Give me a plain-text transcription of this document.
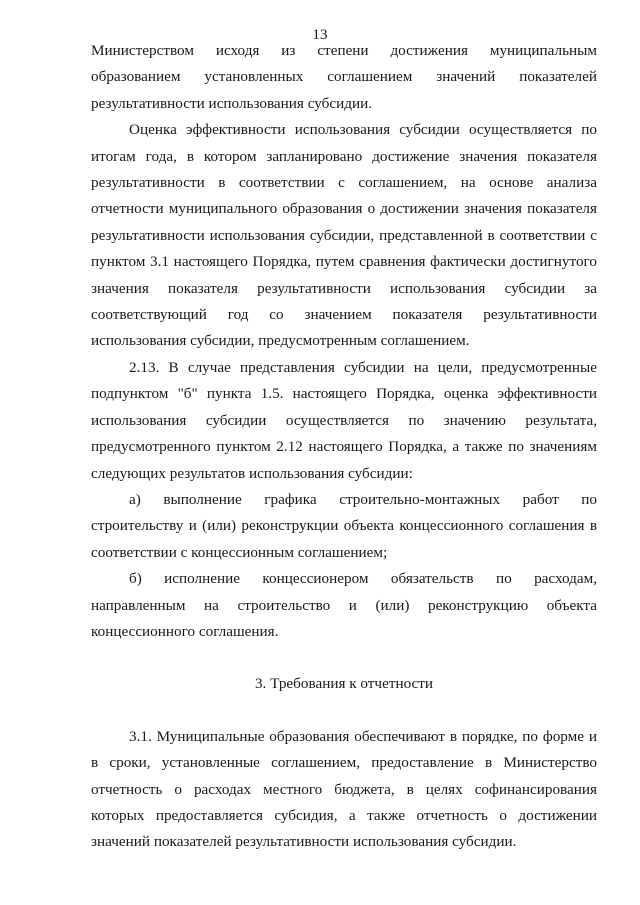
13

Министерством исходя из степени достижения муниципальным образованием установленных соглашением значений показателей результативности использования субсидии.

Оценка эффективности использования субсидии осуществляется по итогам года, в котором запланировано достижение значения показателя результативности в соответствии с соглашением, на основе анализа отчетности муниципального образования о достижении значения показателя результативности использования субсидии, представленной в соответствии с пунктом 3.1 настоящего Порядка, путем сравнения фактически достигнутого значения показателя результативности использования субсидии за соответствующий год со значением показателя результативности использования субсидии, предусмотренным соглашением.

2.13. В случае представления субсидии на цели, предусмотренные подпунктом "б" пункта 1.5. настоящего Порядка, оценка эффективности использования субсидии осуществляется по значению результата, предусмотренного пунктом 2.12 настоящего Порядка, а также по значениям следующих результатов использования субсидии:

а) выполнение графика строительно-монтажных работ по строительству и (или) реконструкции объекта концессионного соглашения в соответствии с концессионным соглашением;

б) исполнение концессионером обязательств по расходам, направленным на строительство и (или) реконструкцию объекта концессионного соглашения.

3. Требования к отчетности

3.1. Муниципальные образования обеспечивают в порядке, по форме и в сроки, установленные соглашением, предоставление в Министерство отчетность о расходах местного бюджета, в целях софинансирования которых предоставляется субсидия, а также отчетность о достижении значений показателей результативности использования субсидии.
